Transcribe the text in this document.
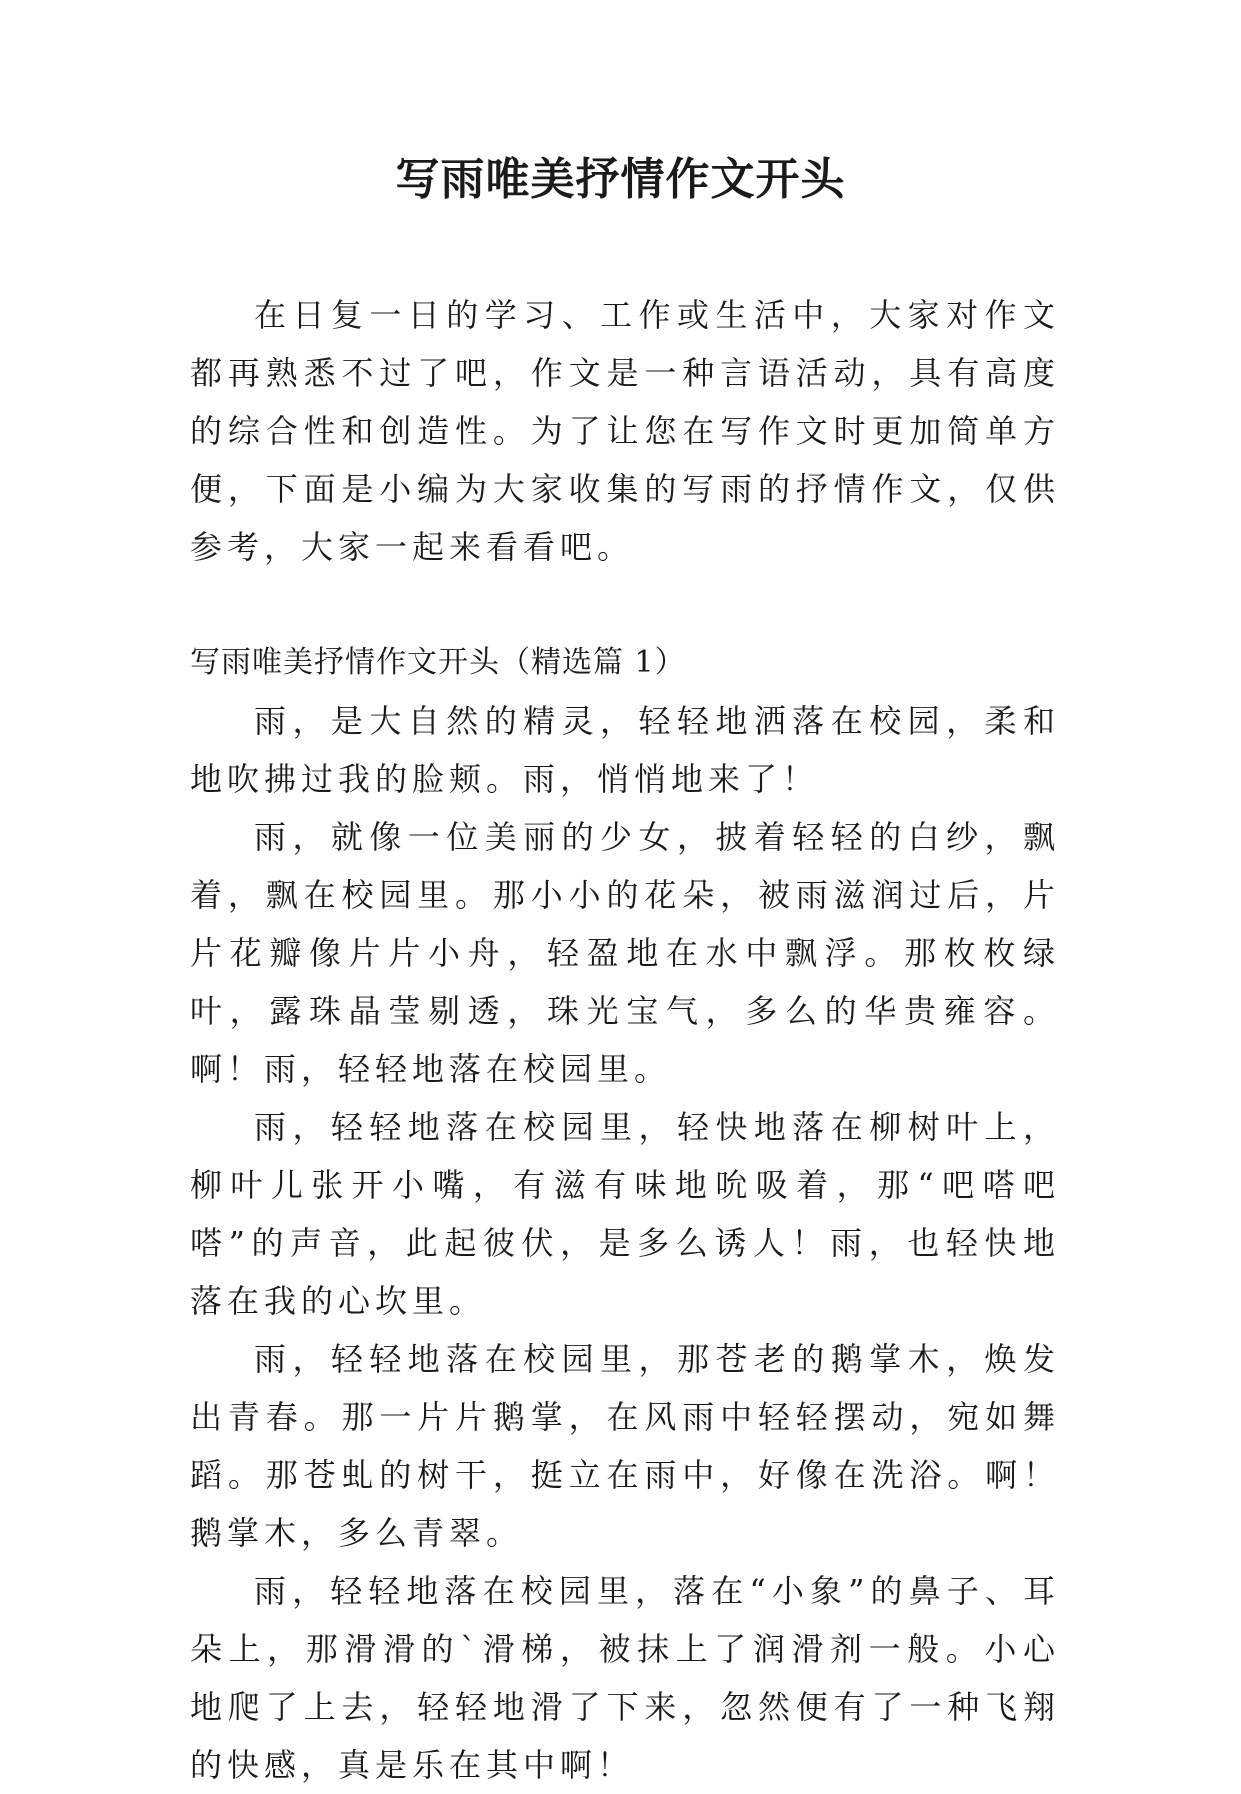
写雨唯美抒情作文开头

在日复一日的学习、工作或生活中，大家对作文都再熟悉不过了吧，作文是一种言语活动，具有高度的综合性和创造性。为了让您在写作文时更加简单方便，下面是小编为大家收集的写雨的抒情作文，仅供参考，大家一起来看看吧。

写雨唯美抒情作文开头（精选篇 1）

雨，是大自然的精灵，轻轻地洒落在校园，柔和地吹拂过我的脸颊。雨，悄悄地来了！

雨，就像一位美丽的少女，披着轻轻的白纱，飘着，飘在校园里。那小小的花朵，被雨滋润过后，片片花瓣像片片小舟，轻盈地在水中飘浮。那枚枚绿叶，露珠晶莹剔透，珠光宝气，多么的华贵雍容。啊！雨，轻轻地落在校园里。

雨，轻轻地落在校园里，轻快地落在柳树叶上，柳叶儿张开小嘴，有滋有味地吮吸着，那“吧嗒吧嗒”的声音，此起彼伏，是多么诱人！雨，也轻快地落在我的心坎里。

雨，轻轻地落在校园里，那苍老的鹅掌木，焕发出青春。那一片片鹅掌，在风雨中轻轻摆动，宛如舞蹈。那苍虬的树干，挺立在雨中，好像在洗浴。啊！鹅掌木，多么青翠。

雨，轻轻地落在校园里，落在“小象”的鼻子、耳朵上，那滑滑的`滑梯，被抹上了润滑剂一般。小心地爬了上去，轻轻地滑了下来，忽然便有了一种飞翔的快感，真是乐在其中啊！
